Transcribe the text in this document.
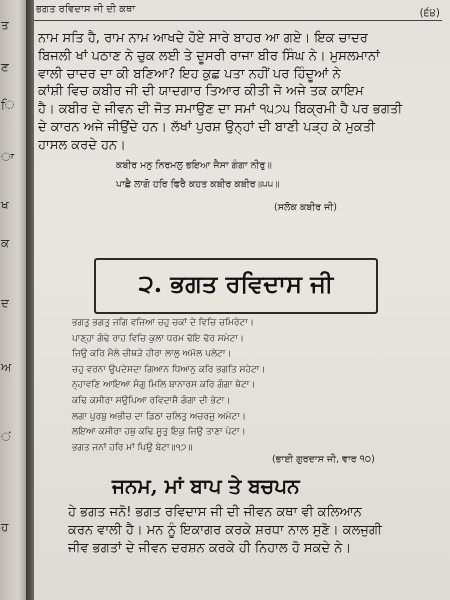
ਤ
ਣ
ਿ
ਾ
ਖ
ਕ
ਦ
ਅ
ਂ
ਹ
ਭਗਤ ਰਵਿਦਾਸ ਜੀ ਦੀ ਕਥਾ	(੬੪)
ਨਾਮ ਸਤਿ ਹੈ, ਰਾਮ ਨਾਮ ਆਖਦੇ ਹੋਏ ਸਾਰੇ ਬਾਹਰ ਆ ਗਏ। ਇਕ ਚਾਦਰ
ਬਿਜਲੀ ਖਾਂ ਪਠਾਣ ਨੇ ਚੁਕ ਲਈ ਤੇ ਦੂਸਰੀ ਰਾਜਾ ਬੀਰ ਸਿੰਘ ਨੇ। ਮੁਸਲਮਾਨਾਂ
ਵਾਲੀ ਚਾਦਰ ਦਾ ਕੀ ਬਣਿਆ? ਇਹ ਕੁਛ ਪਤਾ ਨਹੀਂ ਪਰ ਹਿੰਦੂਆਂ ਨੇ
ਕਾਂਸ਼ੀ ਵਿਚ ਕਬੀਰ ਜੀ ਦੀ ਯਾਦਗਾਰ ਤਿਆਰ ਕੀਤੀ ਜੋ ਅਜੇ ਤਕ ਕਾਇਮ
ਹੈ। ਕਬੀਰ ਦੇ ਜੀਵਨ ਦੀ ਜੋਤ ਸਮਾਉਣ ਦਾ ਸਮਾਂ ੧੫੭੫ ਬਿਕ੍ਰਮੀ ਹੈ ਪਰ ਭਗਤੀ
ਦੇ ਕਾਰਨ ਅਜੇ ਜੀਉਂਦੇ ਹਨ। ਲੱਖਾਂ ਪੁਰਸ਼ ਉਨ੍ਹਾਂ ਦੀ ਬਾਣੀ ਪੜ੍ਹ ਕੇ ਮੁਕਤੀ
ਹਾਸਲ ਕਰਦੇ ਹਨ।
ਕਬੀਰ ਮਨੁ ਨਿਰਮਲੁ ਭਇਆ ਜੈਸਾ ਗੰਗਾ ਨੀਰੁ॥
ਪਾਛੈ ਲਾਗੋ ਹਰਿ ਫਿਰੈ ਕਹਤ ਕਬੀਰ ਕਬੀਰ॥੫੫॥
(ਸਲੋਕ ਕਬੀਰ ਜੀ)
੨. ਭਗਤ ਰਵਿਦਾਸ ਜੀ
ਭਗਤੁ ਭਗਤੁ ਜਗਿ ਵਜਿਆ ਚਹੁ ਚਕਾਂ ਦੇ ਵਿਚਿ ਚਮਿਰੇਟਾ।
ਪਾਣ੍ਹਾ ਗੰਢੇ ਰਾਹ ਵਿਚਿ ਕੁਲਾ ਧਰਮ ਢੋਇ ਢੋਰ ਸਮੇਟਾ।
ਜਿਉ ਕਰਿ ਮੈਲੇ ਚੀਥੜੇ ਹੀਰਾ ਲਾਲੁ ਅਮੋਲ ਪਲੇਟਾ।
ਚਹੁ ਵਰਨਾ ਉਪਦੇਸਦਾ ਗਿਆਨ ਧਿਆਨੁ ਕਰਿ ਭਗਤਿ ਸਹੇਟਾ।
ਨ੍ਹਾਵਣਿ ਆਇਆ ਸੰਗੁ ਮਿਲਿ ਬਾਨਾਰਸ ਕਰਿ ਗੰਗਾ ਥੇਟਾ।
ਕਢਿ ਕਸੀਰਾ ਸਉਪਿਆ ਰਵਿਦਾਸੈ ਗੰਗਾ ਦੀ ਭੇਟਾ।
ਲਗਾ ਪੁਰਬੁ ਅਭੀਚ ਦਾ ਡਿਠਾ ਚਲਿਤੁ ਅਚਰਜੁ ਅਮੇਟਾ।
ਲਇਆ ਕਸੀਰਾ ਹਥੁ ਕਢਿ ਸੂਤੁ ਇਕੁ ਜਿਉ ਤਾਣਾ ਪੇਟਾ।
ਭਗਤ ਜਨਾਂ ਹਰਿ ਮਾਂ ਪਿਉ ਬੇਟਾ॥੧੭॥
(ਭਾਈ ਗੁਰਦਾਸ ਜੀ, ਵਾਰ ੧੦)
ਜਨਮ, ਮਾਂ ਬਾਪ ਤੇ ਬਚਪਨ
ਹੇ ਭਗਤ ਜਨੋ! ਭਗਤ ਰਵਿਦਾਸ ਜੀ ਦੀ ਜੀਵਨ ਕਥਾ ਵੀ ਕਲਿਆਨ
ਕਰਨ ਵਾਲੀ ਹੈ। ਮਨ ਨੂੰ ਇਕਾਗਰ ਕਰਕੇ ਸ਼ਰਧਾ ਨਾਲ ਸੁਣੋ। ਕਲਜੁਗੀ
ਜੀਵ ਭਗਤਾਂ ਦੇ ਜੀਵਨ ਦਰਸ਼ਨ ਕਰਕੇ ਹੀ ਨਿਹਾਲ ਹੋ ਸਕਦੇ ਨੇ।
